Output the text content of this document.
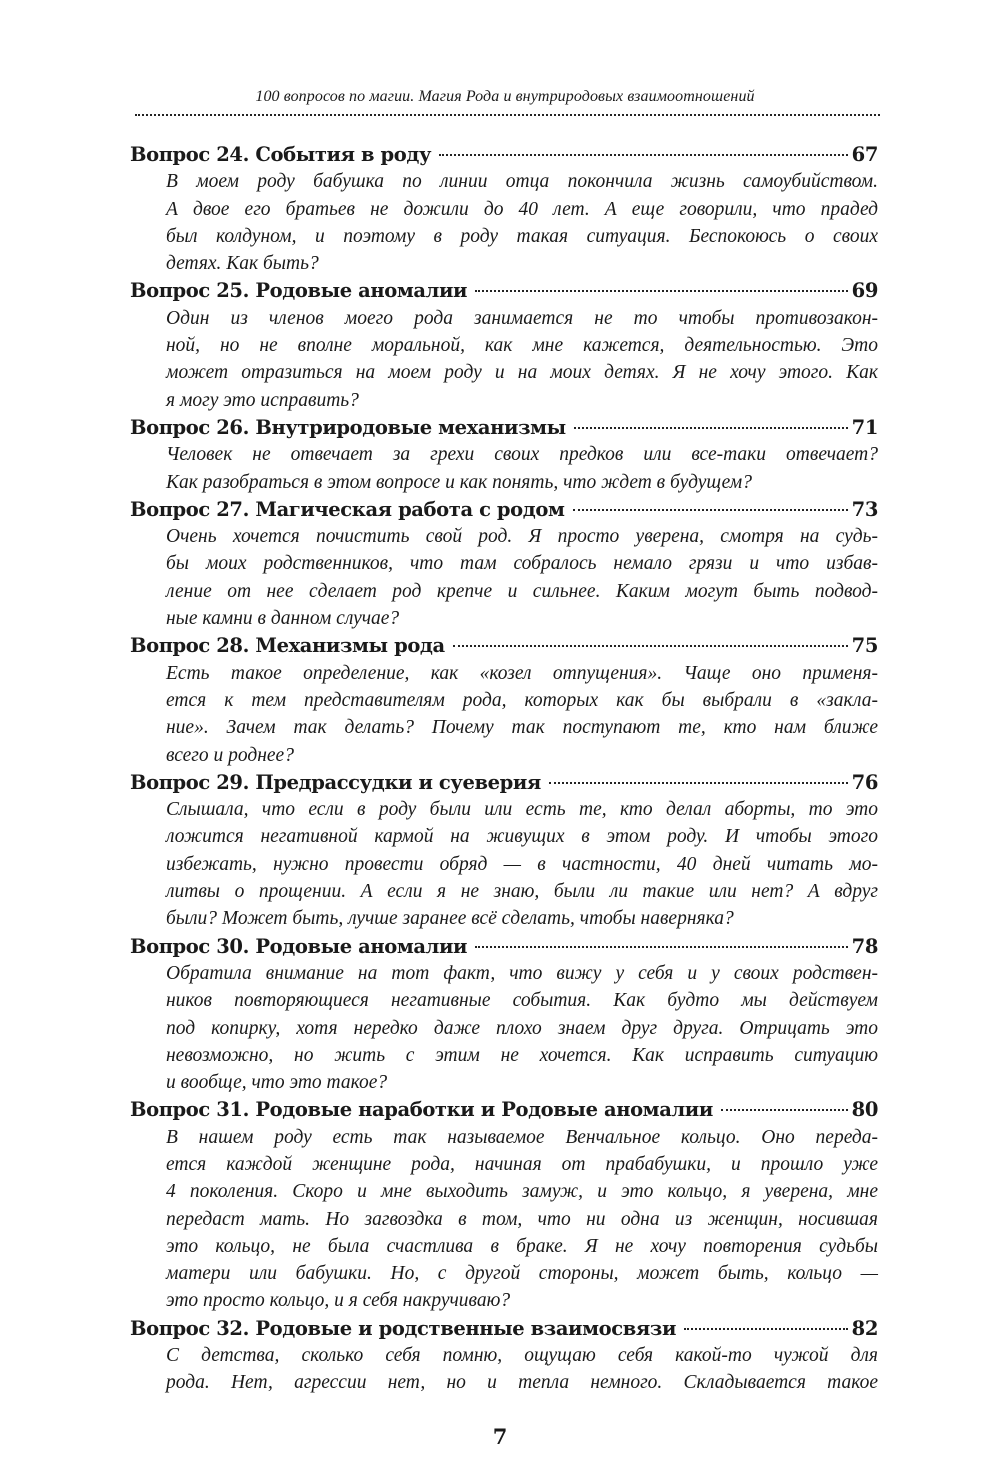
100 вопросов по магии. Магия Рода и внутриродовых взаимоотношений
Вопрос 24. События в роду	67
В моем роду бабушка по линии отца покончила жизнь самоубийством.
А двое его братьев не дожили до 40 лет. А еще говорили, что прадед
был колдуном, и поэтому в роду такая ситуация. Беспокоюсь о своих
детях. Как быть?
Вопрос 25. Родовые аномалии	69
Один из членов моего рода занимается не то чтобы противозакон-
ной, но не вполне моральной, как мне кажется, деятельностью. Это
может отразиться на моем роду и на моих детях. Я не хочу этого. Как
я могу это исправить?
Вопрос 26. Внутриродовые механизмы	71
Человек не отвечает за грехи своих предков или все-таки отвечает?
Как разобраться в этом вопросе и как понять, что ждет в будущем?
Вопрос 27. Магическая работа с родом	73
Очень хочется почистить свой род. Я просто уверена, смотря на судь-
бы моих родственников, что там собралось немало грязи и что избав-
ление от нее сделает род крепче и сильнее. Каким могут быть подвод-
ные камни в данном случае?
Вопрос 28. Механизмы рода	75
Есть такое определение, как «козел отпущения». Чаще оно применя-
ется к тем представителям рода, которых как бы выбрали в «закла-
ние». Зачем так делать? Почему так поступают те, кто нам ближе
всего и роднее?
Вопрос 29. Предрассудки и суеверия	76
Слышала, что если в роду были или есть те, кто делал аборты, то это
ложится негативной кармой на живущих в этом роду. И чтобы этого
избежать, нужно провести обряд — в частности, 40 дней читать мо-
литвы о прощении. А если я не знаю, были ли такие или нет? А вдруг
были? Может быть, лучше заранее всё сделать, чтобы наверняка?
Вопрос 30. Родовые аномалии	78
Обратила внимание на тот факт, что вижу у себя и у своих родствен-
ников повторяющиеся негативные события. Как будто мы действуем
под копирку, хотя нередко даже плохо знаем друг друга. Отрицать это
невозможно, но жить с этим не хочется. Как исправить ситуацию
и вообще, что это такое?
Вопрос 31. Родовые наработки и Родовые аномалии	80
В нашем роду есть так называемое Венчальное кольцо. Оно переда-
ется каждой женщине рода, начиная от прабабушки, и прошло уже
4 поколения. Скоро и мне выходить замуж, и это кольцо, я уверена, мне
передаст мать. Но загвоздка в том, что ни одна из женщин, носившая
это кольцо, не была счастлива в браке. Я не хочу повторения судьбы
матери или бабушки. Но, с другой стороны, может быть, кольцо —
это просто кольцо, и я себя накручиваю?
Вопрос 32. Родовые и родственные взаимосвязи	82
С детства, сколько себя помню, ощущаю себя какой-то чужой для
рода. Нет, агрессии нет, но и тепла немного. Складывается такое
7
